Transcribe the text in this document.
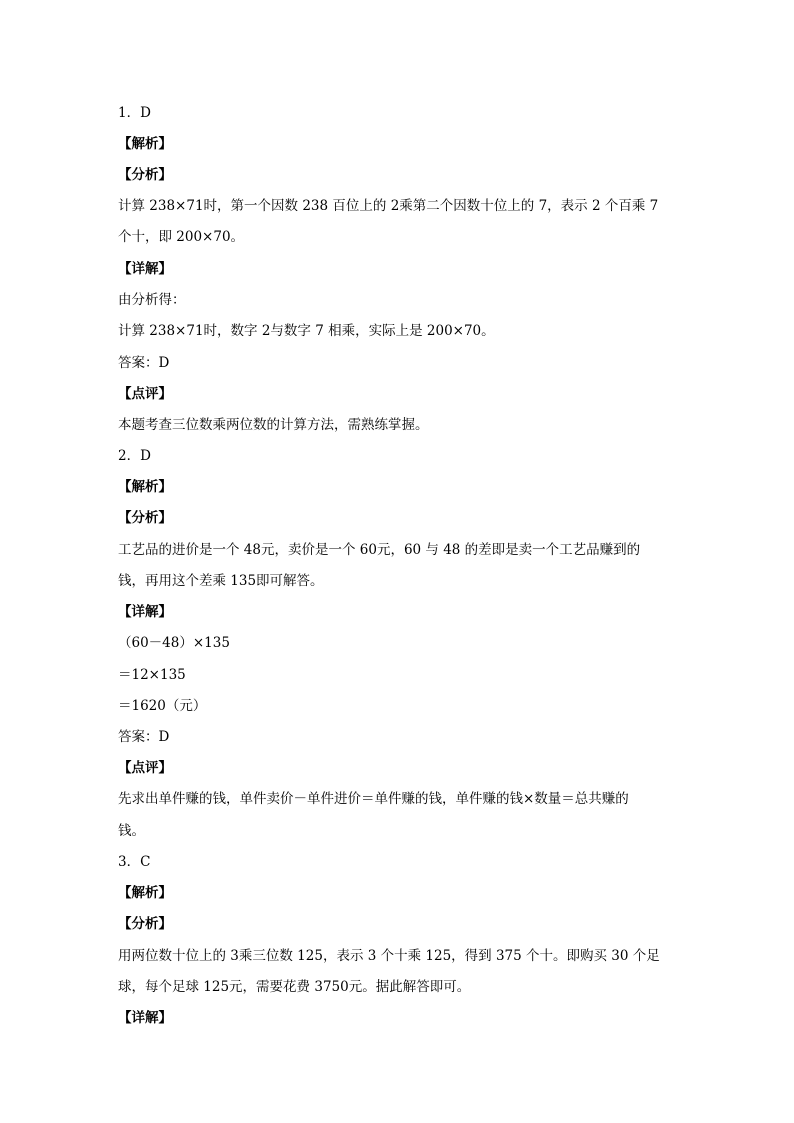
1．D
【解析】
【分析】
计算 238×71时，第一个因数 238 百位上的 2乘第二个因数十位上的 7，表示 2 个百乘 7
个十，即 200×70。
【详解】
由分析得：
计算 238×71时，数字 2与数字 7 相乘，实际上是 200×70。
答案：D
【点评】
本题考查三位数乘两位数的计算方法，需熟练掌握。
2．D
【解析】
【分析】
工艺品的进价是一个 48元，卖价是一个 60元，60 与 48 的差即是卖一个工艺品赚到的
钱，再用这个差乘 135即可解答。
【详解】
（60－48）×135
＝12×135
＝1620（元）
答案：D
【点评】
先求出单件赚的钱，单件卖价－单件进价＝单件赚的钱，单件赚的钱×数量＝总共赚的
钱。
3．C
【解析】
【分析】
用两位数十位上的 3乘三位数 125，表示 3 个十乘 125，得到 375 个十。即购买 30 个足
球，每个足球 125元，需要花费 3750元。据此解答即可。
【详解】
